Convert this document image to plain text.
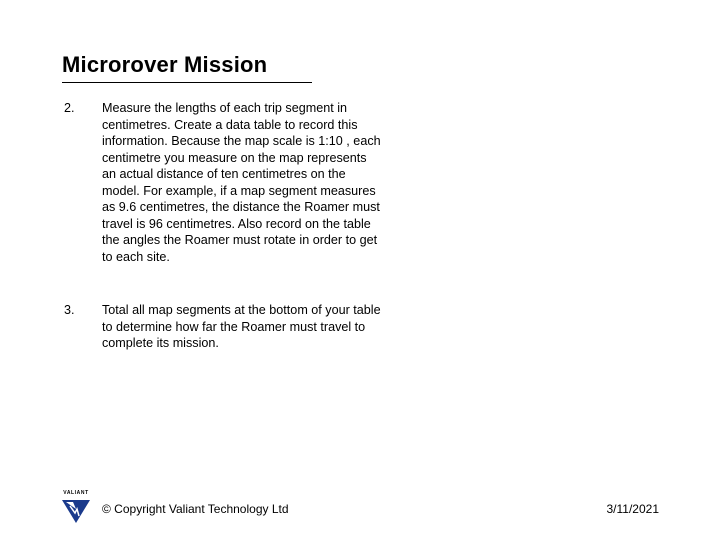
Microrover Mission
2. Measure the lengths of each trip segment in centimetres. Create a data table to record this information. Because the map scale is 1:10 , each centimetre you measure on the map represents an actual distance of ten centimetres on the model. For example, if a map segment measures as 9.6 centimetres, the distance the Roamer must travel is 96 centimetres. Also record on the table the angles the Roamer must rotate in order to get to each site.
3. Total all map segments at the bottom of your table to determine how far the Roamer must travel to complete its mission.
VALIANT
© Copyright Valiant Technology Ltd	3/11/2021
